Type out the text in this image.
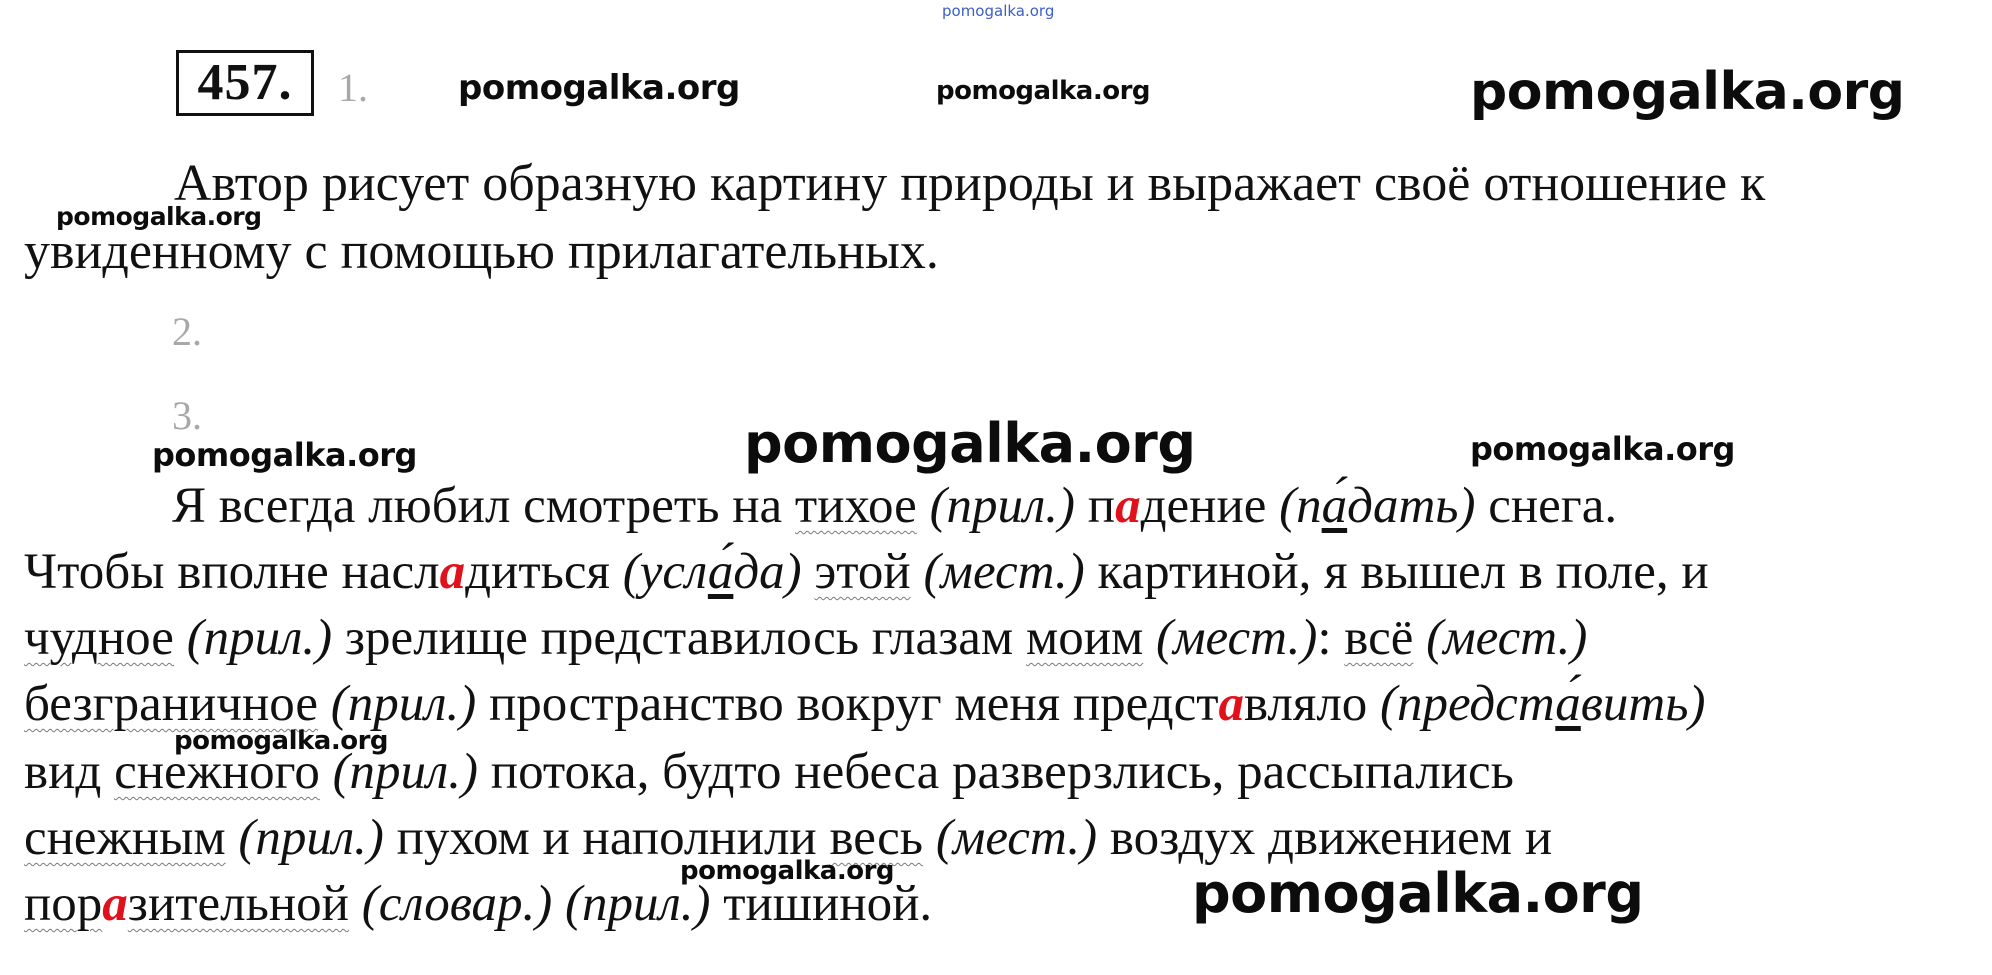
pomogalka.org
457.	1.
2.
3.

Автор рисует образную картину природы и выражает своё отношение к увиденному с помощью прилагательных.

Я всегда любил смотреть на тихое (прил.) падение (па́дать) снега.
Чтобы вполне насладиться (усла́да) этой (мест.) картиной, я вышел в поле, и
чудное (прил.) зрелище представилось глазам моим (мест.): всё (мест.)
безграничное (прил.) пространство вокруг меня представляло (предста́вить)
вид снежного (прил.) потока, будто небеса разверзлись, рассыпались
снежным (прил.) пухом и наполнили весь (мест.) воздух движением и
поразительной (словар.) (прил.) тишиной.
pomogalka.org	pomogalka.org	pomogalka.org
pomogalka.org
pomogalka.org	pomogalka.org	pomogalka.org
pomogalka.org
pomogalka.org	pomogalka.org
